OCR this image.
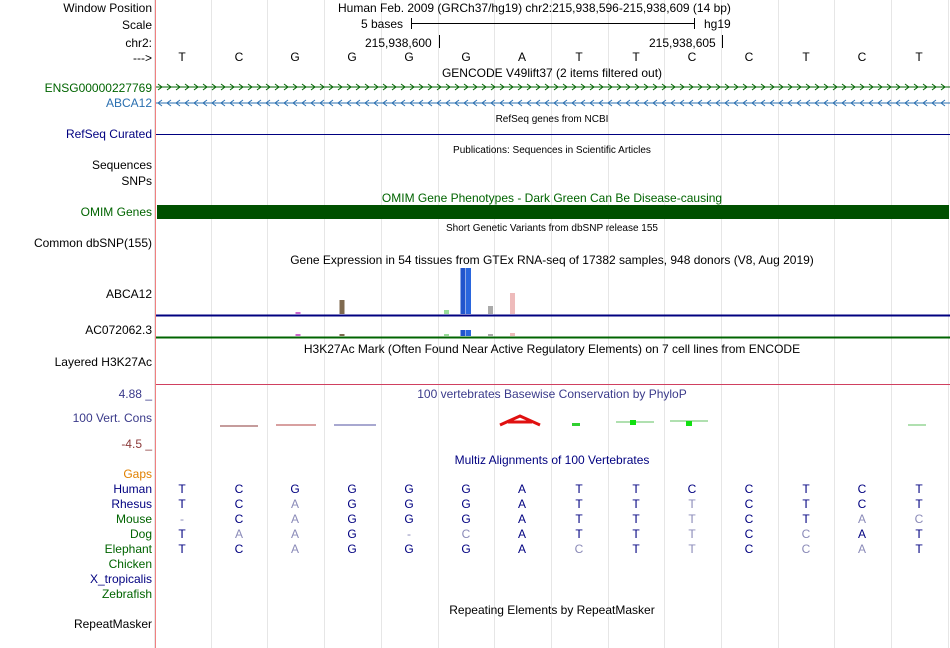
Window Position	Human Feb. 2009 (GRCh37/hg19) chr2:215,938,596-215,938,609 (14 bp)
Scale	5 bases	hg19
chr2:	215,938,600	215,938,605
--->	T	C	G	G	G	G	A	T	T	C	C	T	C	T
GENCODE V49lift37 (2 items filtered out)
ENSG00000227769
ABCA12
RefSeq genes from NCBI
RefSeq Curated
Publications: Sequences in Scientific Articles
Sequences
SNPs
OMIM Gene Phenotypes - Dark Green Can Be Disease-causing
OMIM Genes
Short Genetic Variants from dbSNP release 155
Common dbSNP(155)
Gene Expression in 54 tissues from GTEx RNA-seq of 17382 samples, 948 donors (V8, Aug 2019)
ABCA12
AC072062.3
H3K27Ac Mark (Often Found Near Active Regulatory Elements) on 7 cell lines from ENCODE
Layered H3K27Ac
100 vertebrates Basewise Conservation by PhyloP
4.88 _
100 Vert. Cons
-4.5 _
Multiz Alignments of 100 Vertebrates
Gaps
Human	T	C	G	G	G	G	A	T	T	C	C	T	C	T
Rhesus	T	C	A	G	G	G	A	T	T	T	C	T	C	T
Mouse	-	C	A	G	G	G	A	T	T	T	C	T	A	C
Dog	T	A	A	G	-	C	A	T	T	T	C	C	A	T
Elephant	T	C	A	G	G	G	A	C	T	T	C	C	A	T
Chicken
X_tropicalis
Zebrafish
Repeating Elements by RepeatMasker
RepeatMasker
